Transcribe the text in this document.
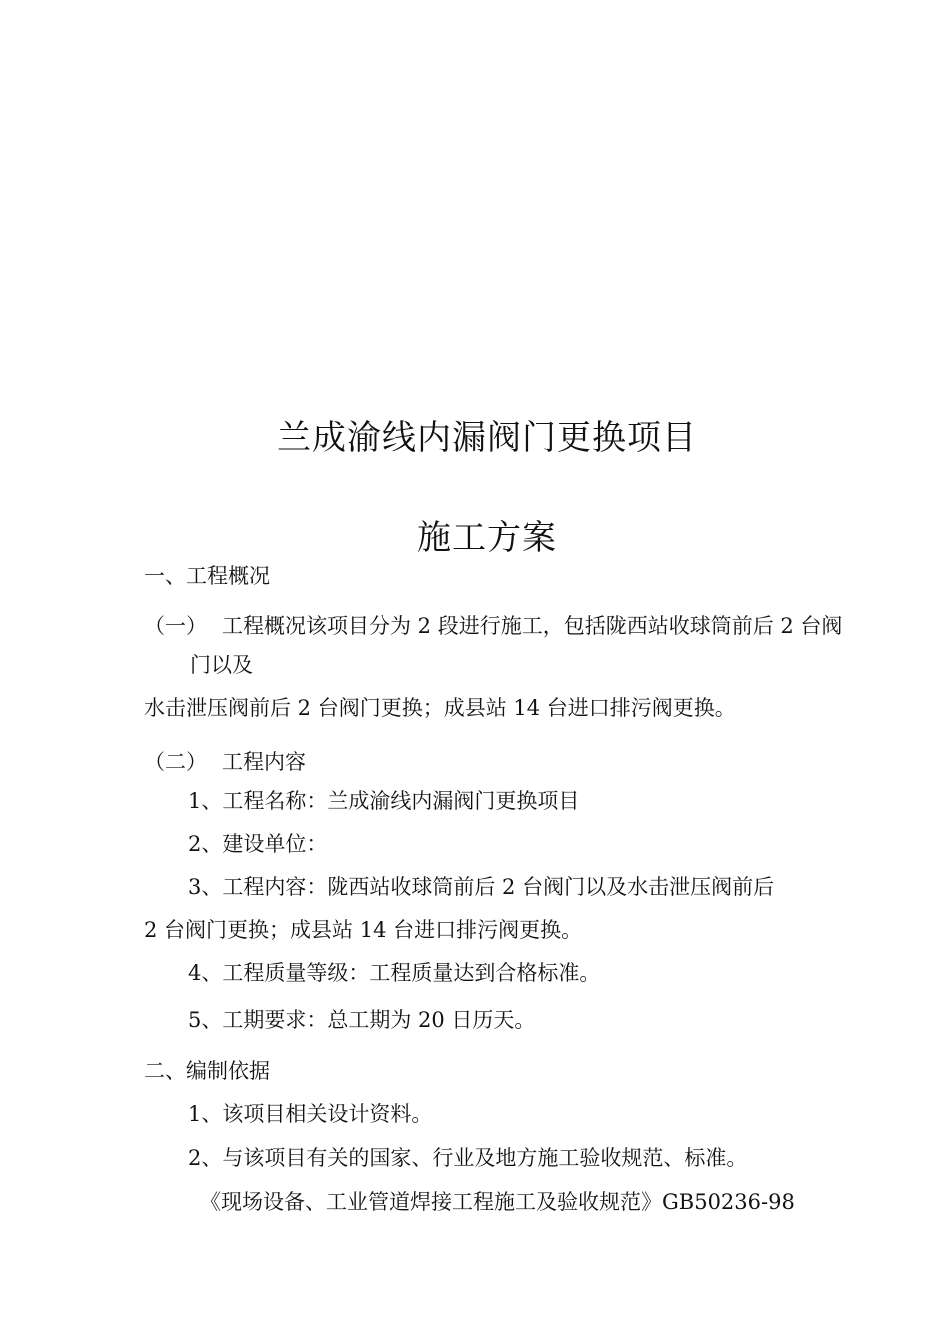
兰成渝线内漏阀门更换项目
施工方案
一、工程概况
（一） 工程概况该项目分为 2 段进行施工，包括陇西站收球筒前后 2 台阀
门以及
水击泄压阀前后 2 台阀门更换；成县站 14 台进口排污阀更换。
（二） 工程内容
1、工程名称：兰成渝线内漏阀门更换项目
2、建设单位：
3、工程内容：陇西站收球筒前后 2 台阀门以及水击泄压阀前后
2 台阀门更换；成县站 14 台进口排污阀更换。
4、工程质量等级：工程质量达到合格标准。
5、工期要求：总工期为 20 日历天。
二、编制依据
1、该项目相关设计资料。
2、与该项目有关的国家、行业及地方施工验收规范、标准。
《现场设备、工业管道焊接工程施工及验收规范》GB50236-98
